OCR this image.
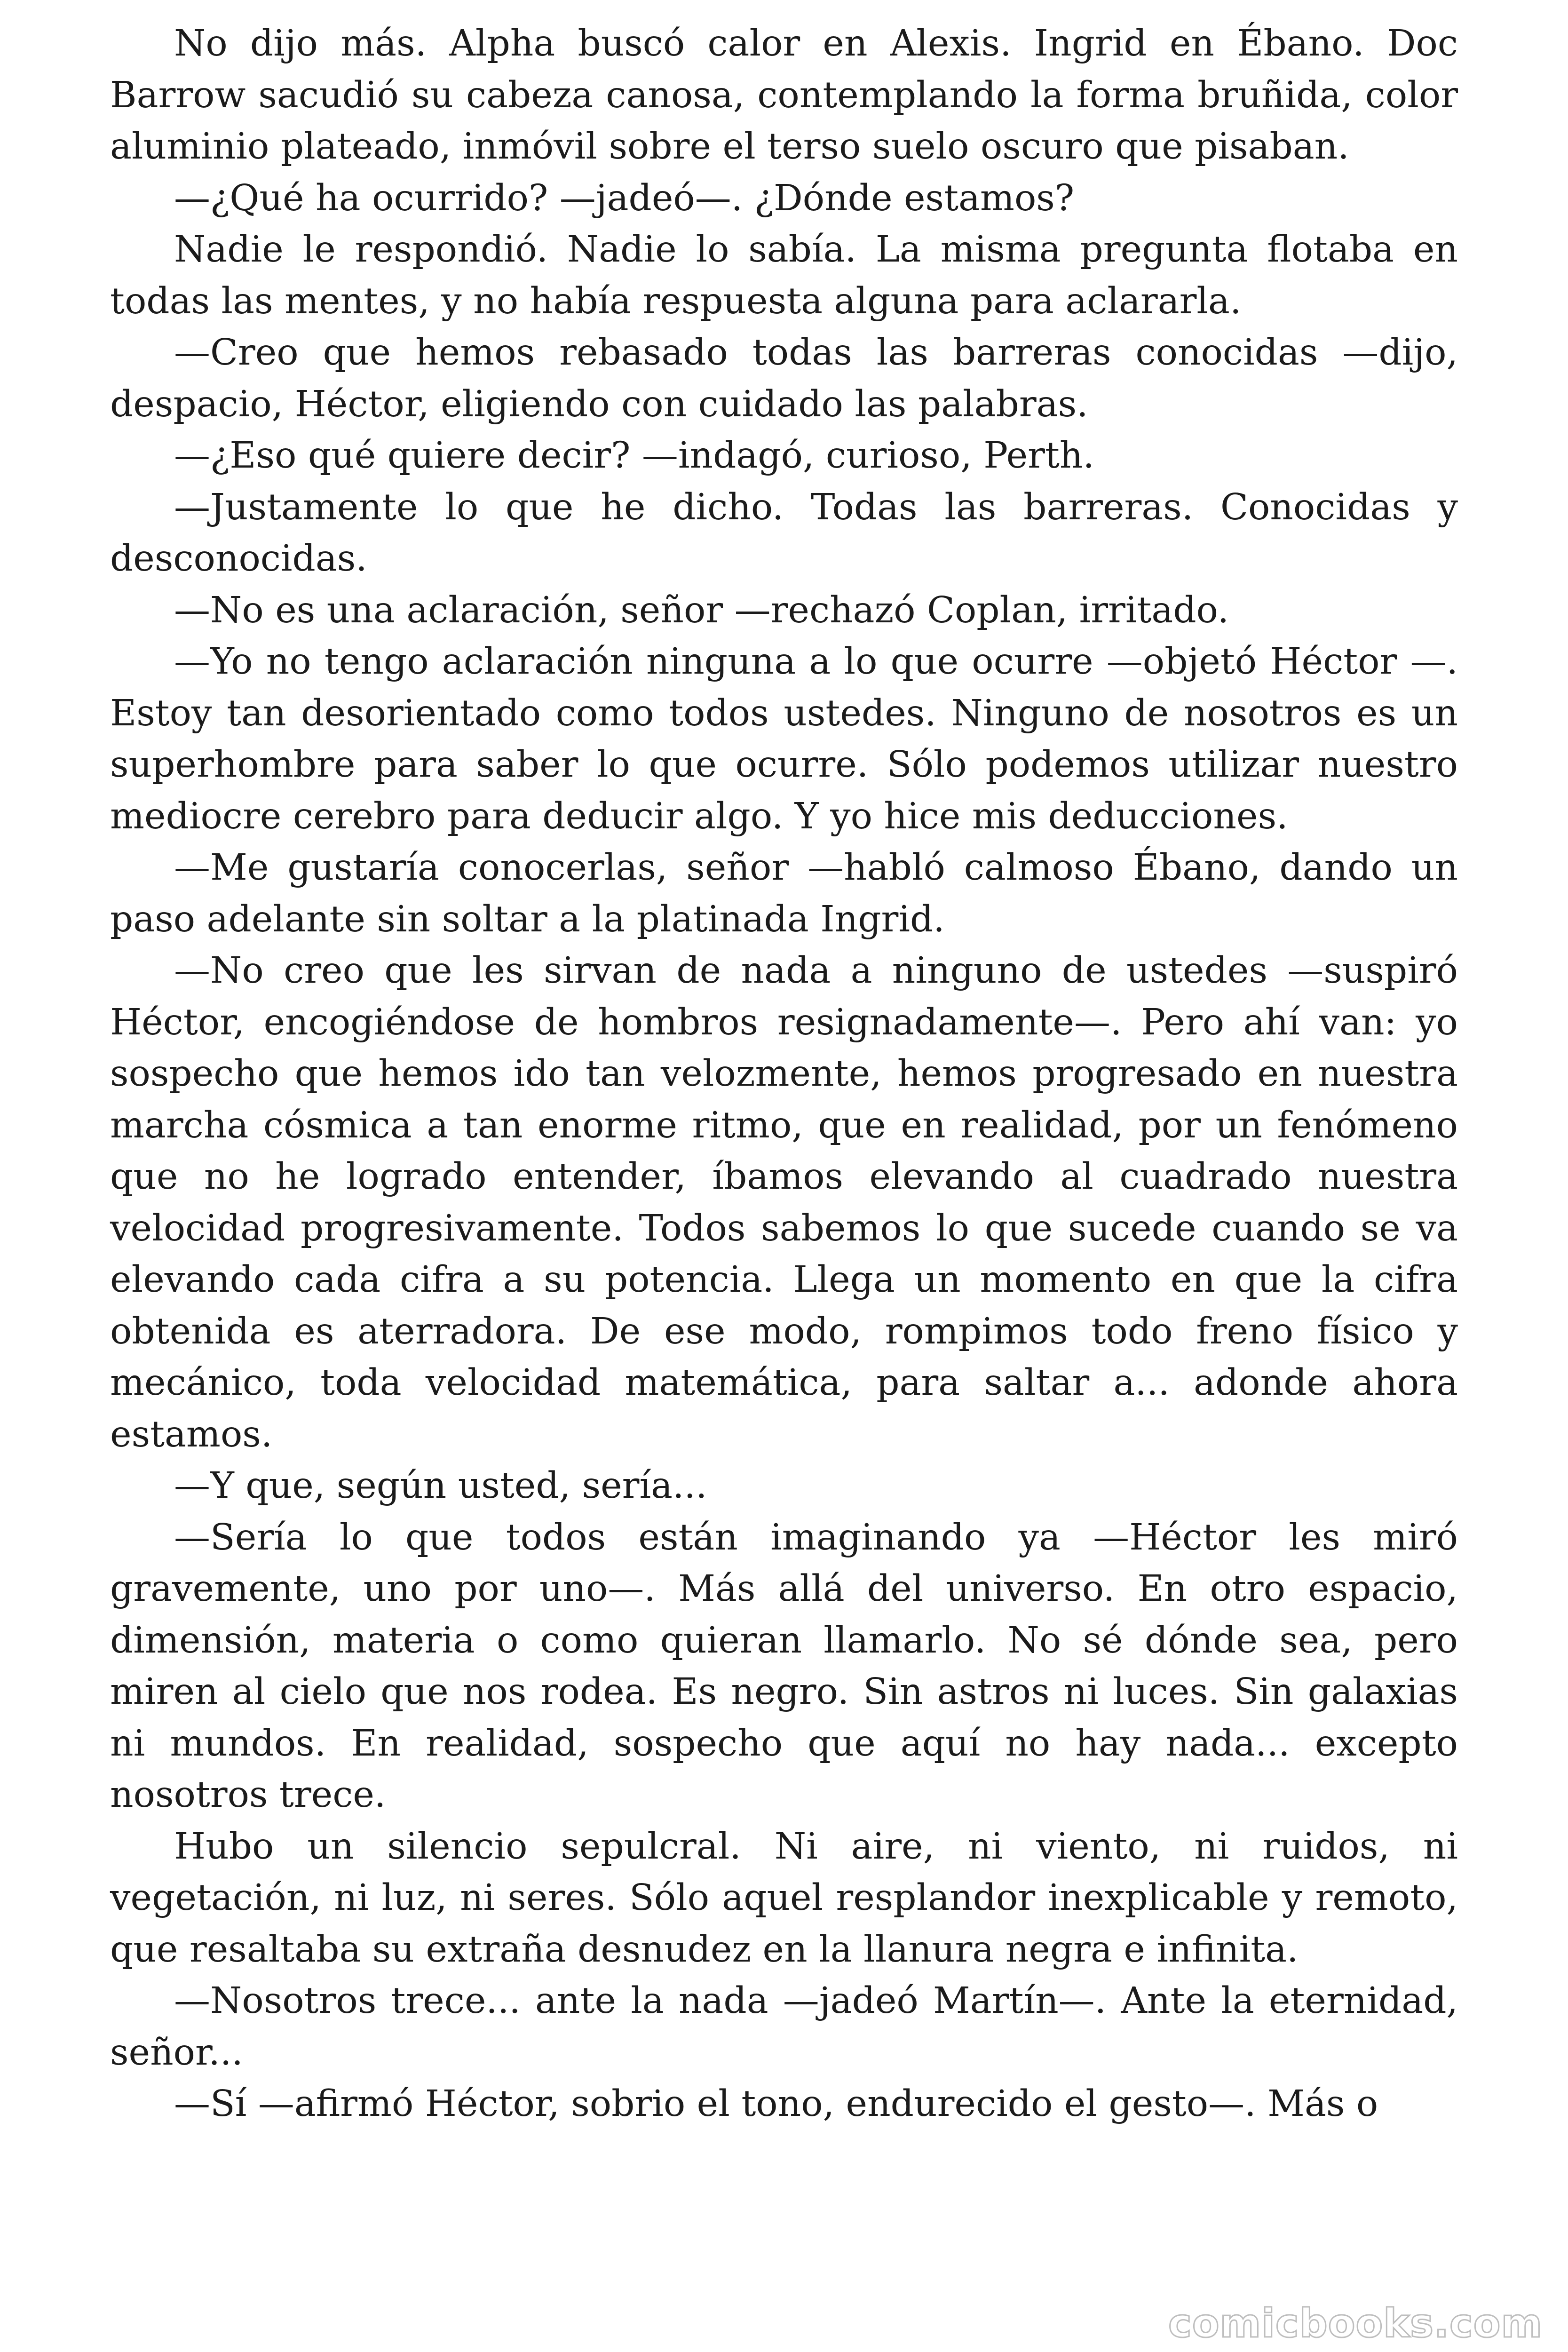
No dijo más. Alpha buscó calor en Alexis. Ingrid en Ébano. Doc Barrow sacudió su cabeza canosa, contemplando la forma bruñida, color aluminio plateado, inmóvil sobre el terso suelo oscuro que pisaban.

—¿Qué ha ocurrido? —jadeó—. ¿Dónde estamos?

Nadie le respondió. Nadie lo sabía. La misma pregunta flotaba en todas las mentes, y no había respuesta alguna para aclararla.

—Creo que hemos rebasado todas las barreras conocidas —dijo, despacio, Héctor, eligiendo con cuidado las palabras.

—¿Eso qué quiere decir? —indagó, curioso, Perth.

—Justamente lo que he dicho. Todas las barreras. Conocidas y desconocidas.

—No es una aclaración, señor —rechazó Coplan, irritado.

—Yo no tengo aclaración ninguna a lo que ocurre —objetó Héctor —. Estoy tan desorientado como todos ustedes. Ninguno de nosotros es un superhombre para saber lo que ocurre. Sólo podemos utilizar nuestro mediocre cerebro para deducir algo. Y yo hice mis deducciones.

—Me gustaría conocerlas, señor —habló calmoso Ébano, dando un paso adelante sin soltar a la platinada Ingrid.

—No creo que les sirvan de nada a ninguno de ustedes —suspiró Héctor, encogiéndose de hombros resignadamente—. Pero ahí van: yo sospecho que hemos ido tan velozmente, hemos progresado en nuestra marcha cósmica a tan enorme ritmo, que en realidad, por un fenómeno que no he logrado entender, íbamos elevando al cuadrado nuestra velocidad progresivamente. Todos sabemos lo que sucede cuando se va elevando cada cifra a su potencia. Llega un momento en que la cifra obtenida es aterradora. De ese modo, rompimos todo freno físico y mecánico, toda velocidad matemática, para saltar a... adonde ahora estamos.

—Y que, según usted, sería...

—Sería lo que todos están imaginando ya —Héctor les miró gravemente, uno por uno—. Más allá del universo. En otro espacio, dimensión, materia o como quieran llamarlo. No sé dónde sea, pero miren al cielo que nos rodea. Es negro. Sin astros ni luces. Sin galaxias ni mundos. En realidad, sospecho que aquí no hay nada... excepto nosotros trece.

Hubo un silencio sepulcral. Ni aire, ni viento, ni ruidos, ni vegetación, ni luz, ni seres. Sólo aquel resplandor inexplicable y remoto, que resaltaba su extraña desnudez en la llanura negra e infinita.

—Nosotros trece... ante la nada —jadeó Martín—. Ante la eternidad, señor...

—Sí —afirmó Héctor, sobrio el tono, endurecido el gesto—. Más o

comicbooks.com
